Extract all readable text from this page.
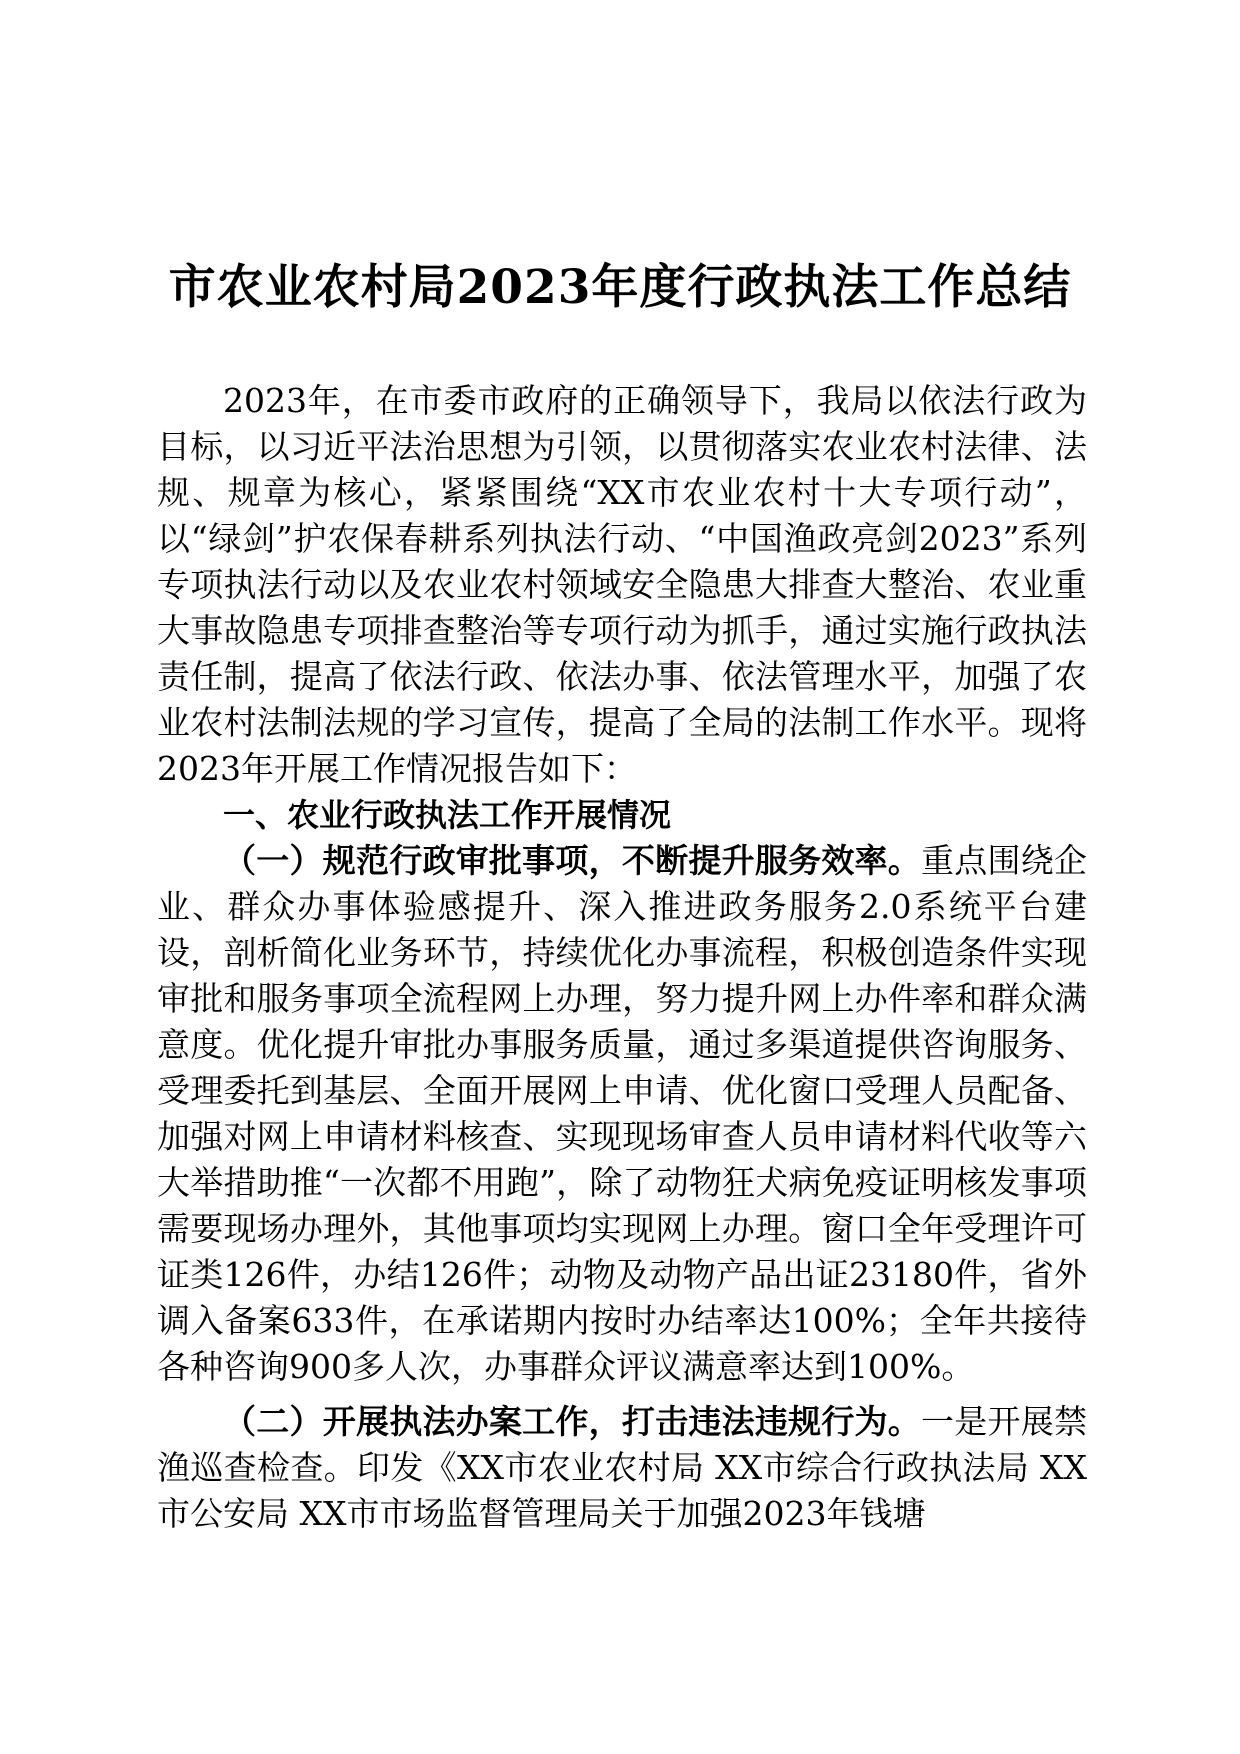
市农业农村局2023年度行政执法工作总结

2023年，在市委市政府的正确领导下，我局以依法行政为目标，以习近平法治思想为引领，以贯彻落实农业农村法律、法规、规章为核心，紧紧围绕“XX市农业农村十大专项行动”，以“绿剑”护农保春耕系列执法行动、“中国渔政亮剑2023”系列专项执法行动以及农业农村领域安全隐患大排查大整治、农业重大事故隐患专项排查整治等专项行动为抓手，通过实施行政执法责任制，提高了依法行政、依法办事、依法管理水平，加强了农业农村法制法规的学习宣传，提高了全局的法制工作水平。现将2023年开展工作情况报告如下：

一、农业行政执法工作开展情况

（一）规范行政审批事项，不断提升服务效率。重点围绕企业、群众办事体验感提升、深入推进政务服务2.0系统平台建设，剖析简化业务环节，持续优化办事流程，积极创造条件实现审批和服务事项全流程网上办理，努力提升网上办件率和群众满意度。优化提升审批办事服务质量，通过多渠道提供咨询服务、受理委托到基层、全面开展网上申请、优化窗口受理人员配备、加强对网上申请材料核查、实现现场审查人员申请材料代收等六大举措助推“一次都不用跑”，除了动物狂犬病免疫证明核发事项需要现场办理外，其他事项均实现网上办理。窗口全年受理许可证类126件，办结126件；动物及动物产品出证23180件，省外调入备案633件，在承诺期内按时办结率达100%；全年共接待各种咨询900多人次，办事群众评议满意率达到100%。

（二）开展执法办案工作，打击违法违规行为。一是开展禁渔巡查检查。印发《XX市农业农村局 XX市综合行政执法局 XX市公安局 XX市市场监督管理局关于加强2023年钱塘
